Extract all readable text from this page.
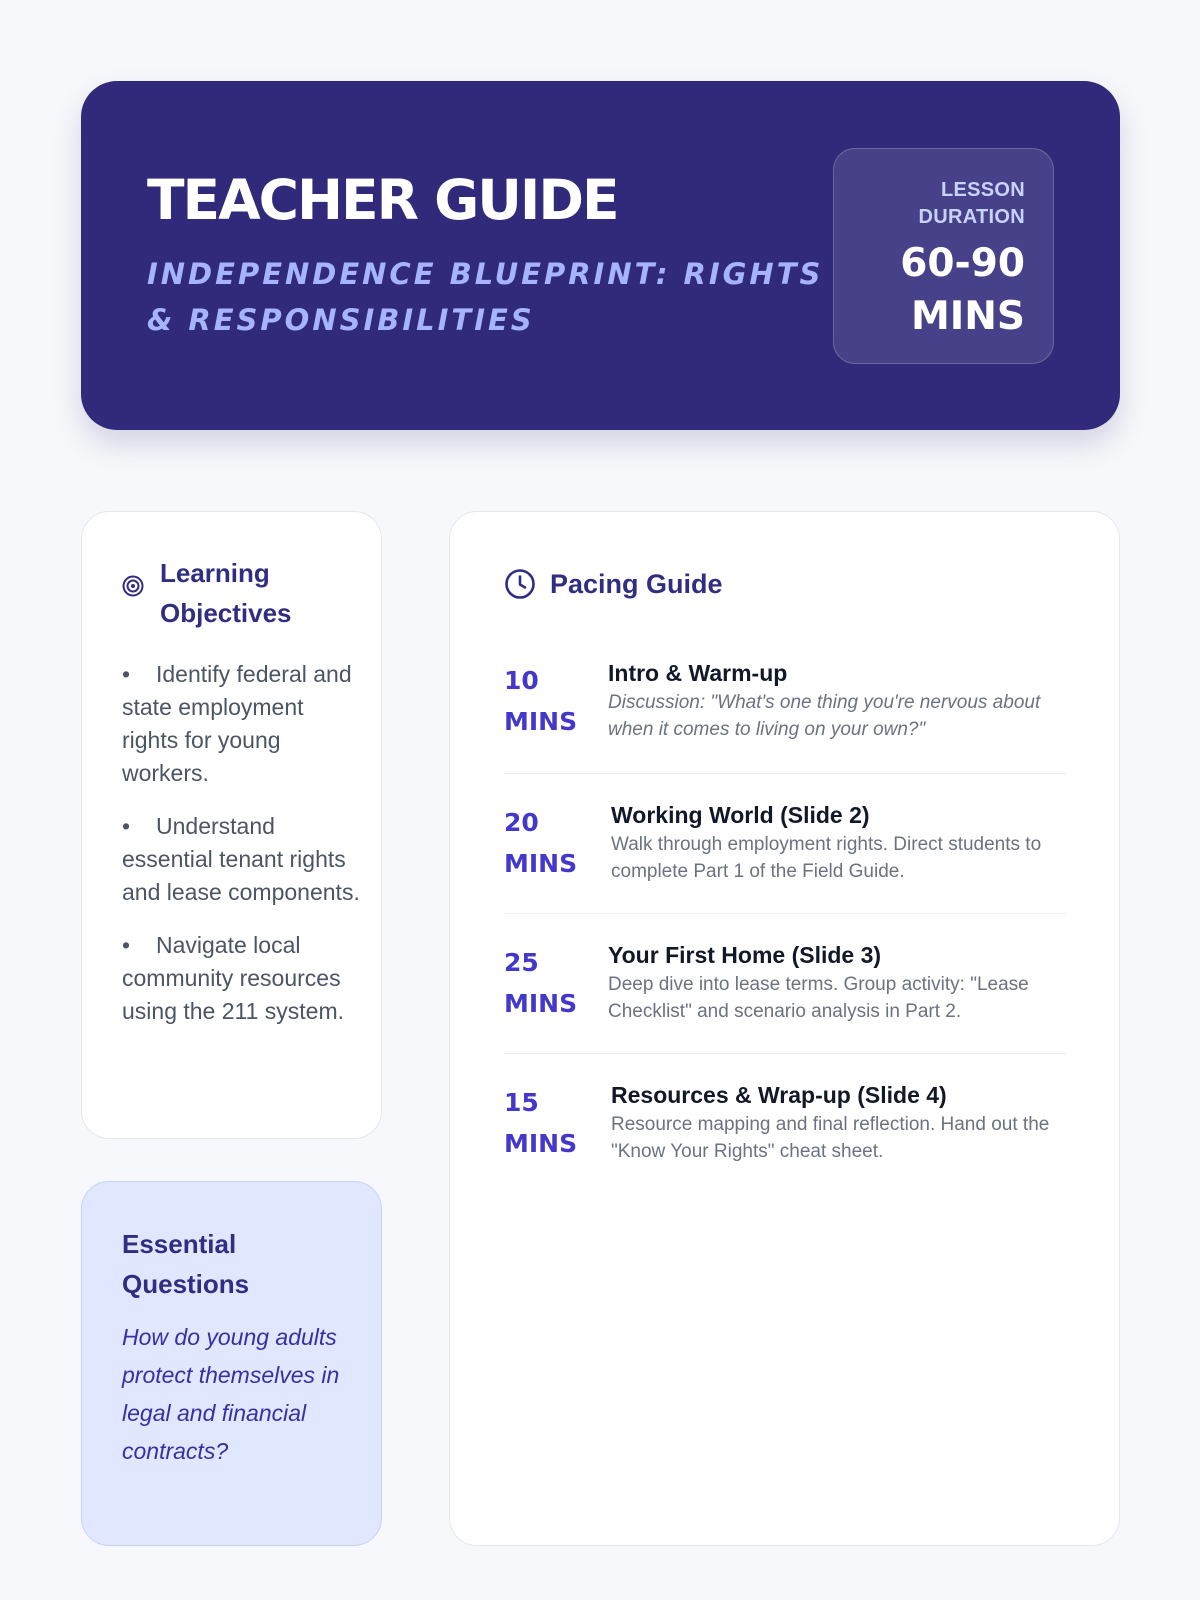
TEACHER GUIDE
INDEPENDENCE BLUEPRINT: RIGHTS & RESPONSIBILITIES
LESSON DURATION
60-90 MINS
Learning Objectives
• Identify federal and state employment rights for young workers.
• Understand essential tenant rights and lease components.
• Navigate local community resources using the 211 system.
Essential Questions
How do young adults protect themselves in legal and financial contracts?
Pacing Guide
10 MINS
Intro & Warm-up
Discussion: "What's one thing you're nervous about when it comes to living on your own?"
20 MINS
Working World (Slide 2)
Walk through employment rights. Direct students to complete Part 1 of the Field Guide.
25 MINS
Your First Home (Slide 3)
Deep dive into lease terms. Group activity: "Lease Checklist" and scenario analysis in Part 2.
15 MINS
Resources & Wrap-up (Slide 4)
Resource mapping and final reflection. Hand out the "Know Your Rights" cheat sheet.
